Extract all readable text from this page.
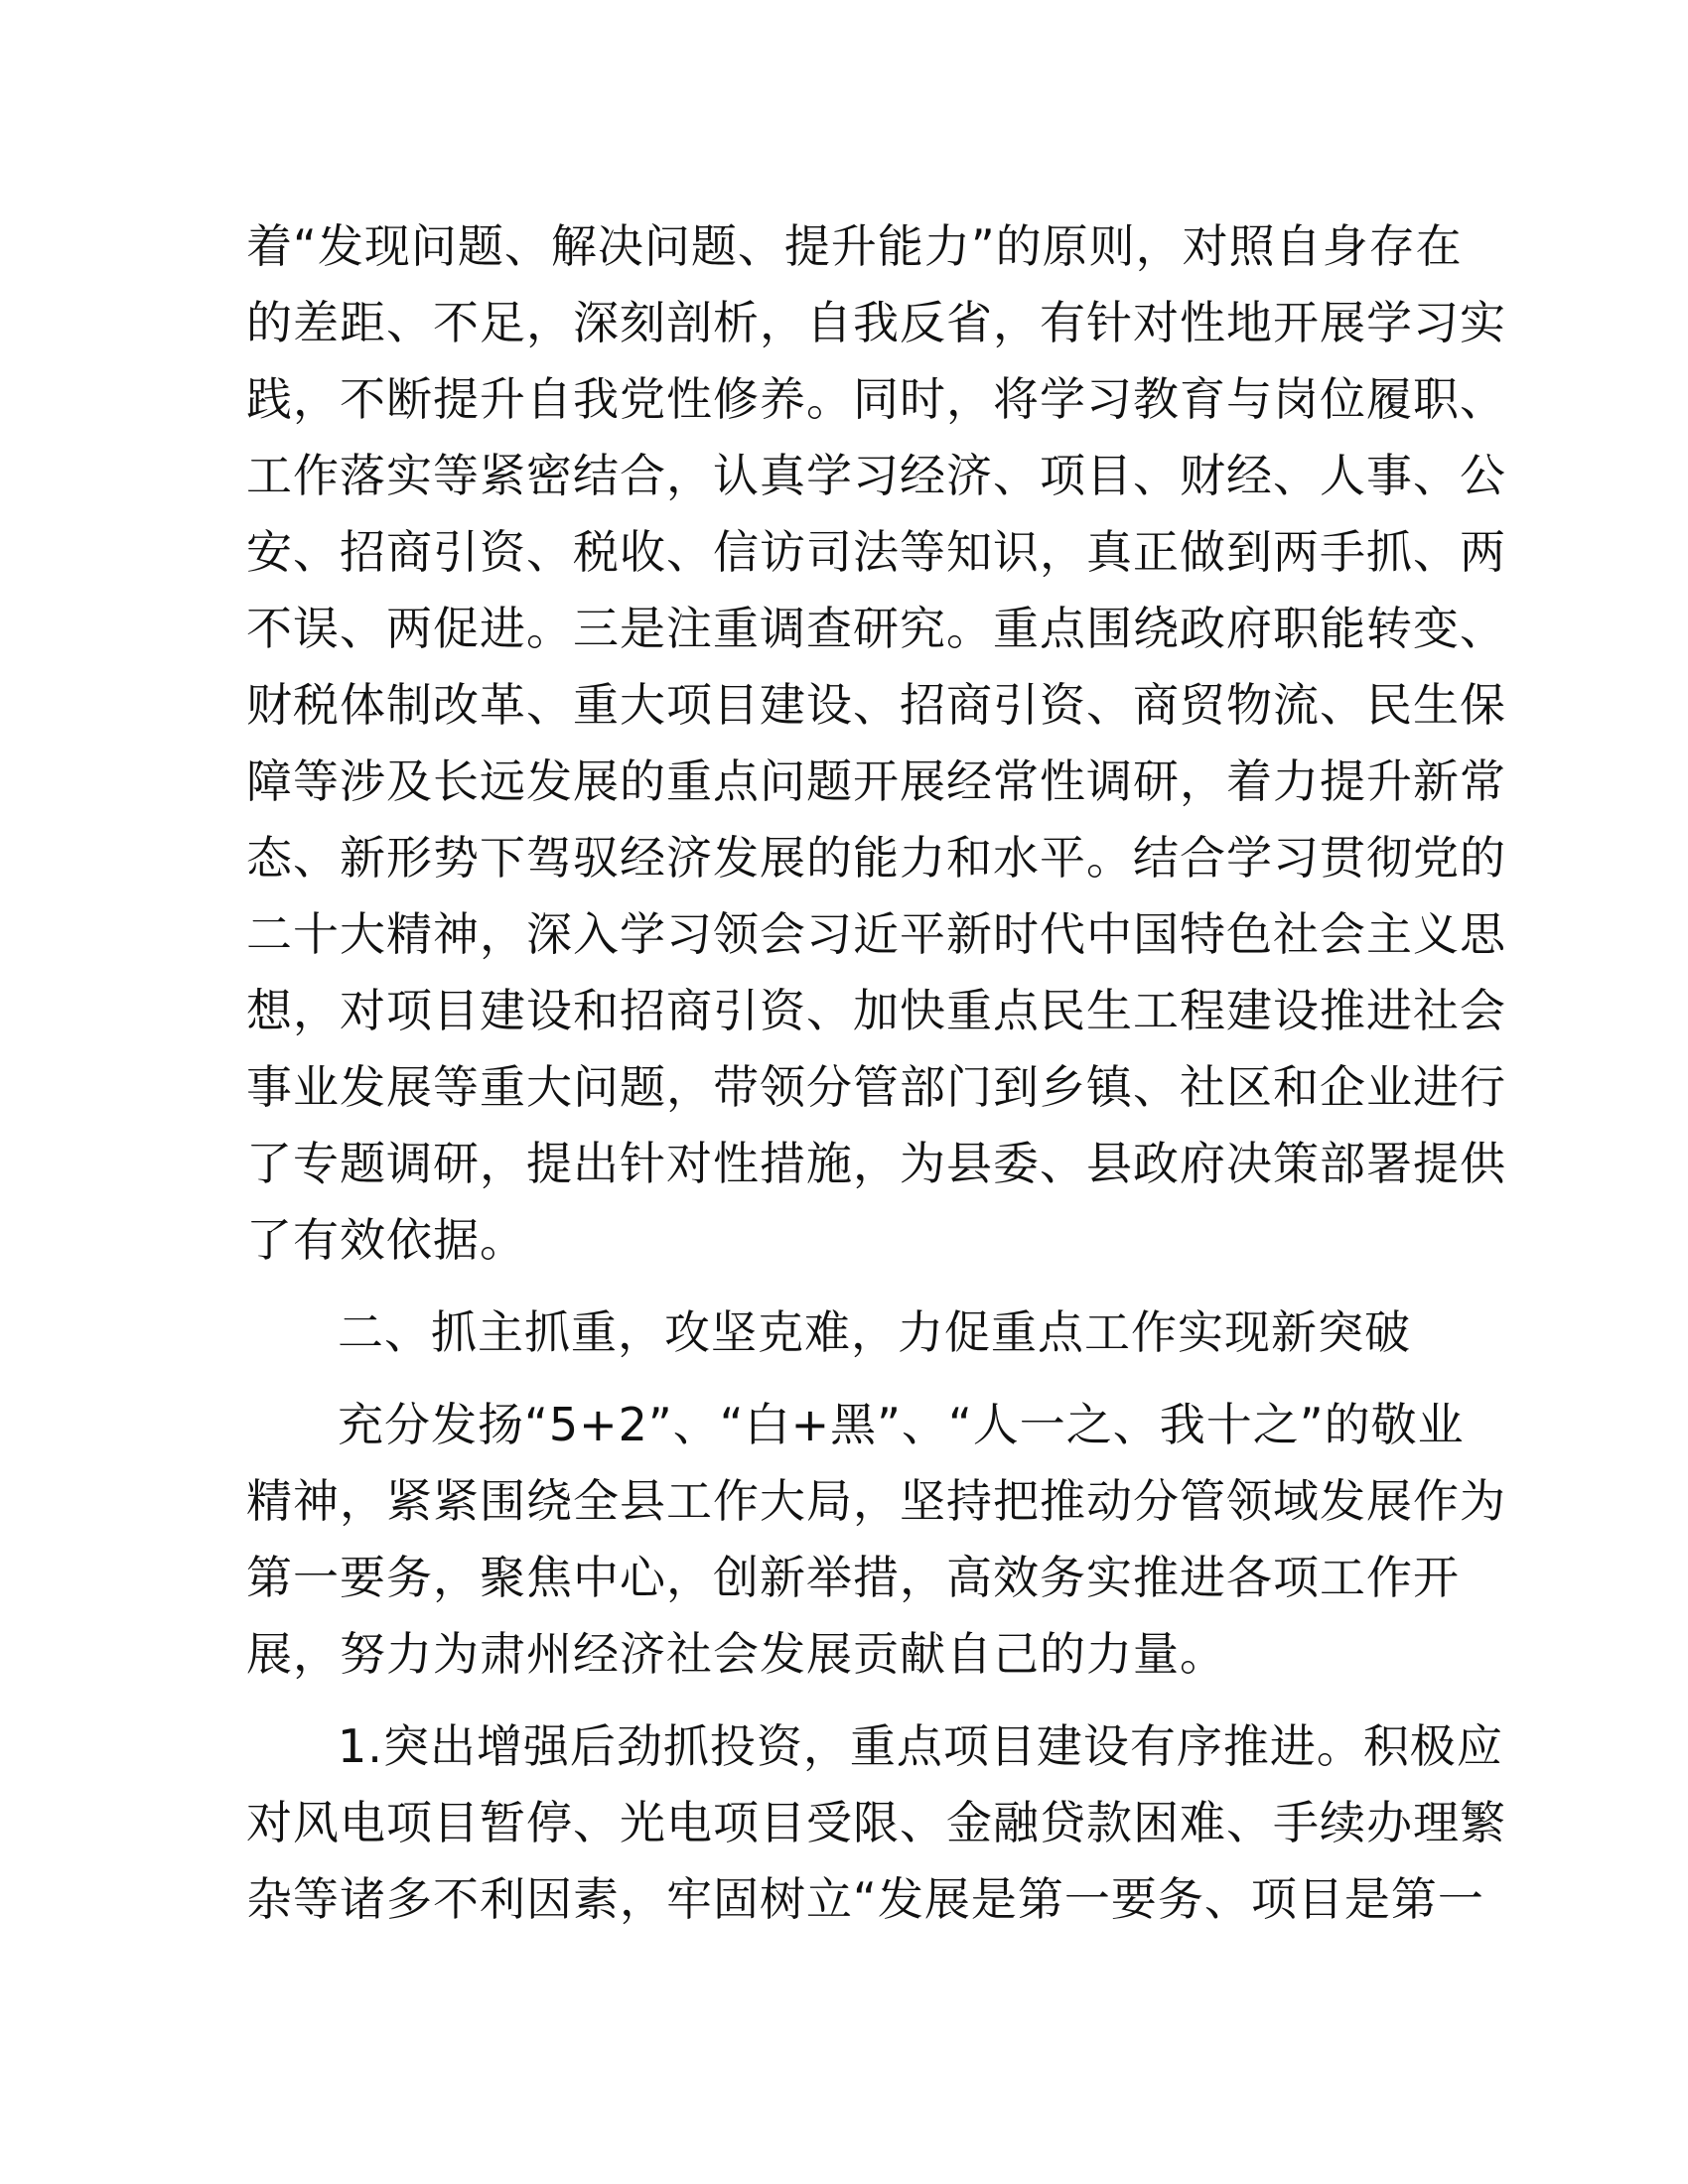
着“发现问题、解决问题、提升能力”的原则，对照自身存在
的差距、不足，深刻剖析，自我反省，有针对性地开展学习实
践，不断提升自我党性修养。同时，将学习教育与岗位履职、
工作落实等紧密结合，认真学习经济、项目、财经、人事、公
安、招商引资、税收、信访司法等知识，真正做到两手抓、两
不误、两促进。三是注重调查研究。重点围绕政府职能转变、
财税体制改革、重大项目建设、招商引资、商贸物流、民生保
障等涉及长远发展的重点问题开展经常性调研，着力提升新常
态、新形势下驾驭经济发展的能力和水平。结合学习贯彻党的
二十大精神，深入学习领会习近平新时代中国特色社会主义思
想，对项目建设和招商引资、加快重点民生工程建设推进社会
事业发展等重大问题，带领分管部门到乡镇、社区和企业进行
了专题调研，提出针对性措施，为县委、县政府决策部署提供
了有效依据。
二、抓主抓重，攻坚克难，力促重点工作实现新突破
充分发扬“5+2”、“白+黑”、“人一之、我十之”的敬业
精神，紧紧围绕全县工作大局，坚持把推动分管领域发展作为
第一要务，聚焦中心，创新举措，高效务实推进各项工作开
展，努力为肃州经济社会发展贡献自己的力量。
1.突出增强后劲抓投资，重点项目建设有序推进。积极应
对风电项目暂停、光电项目受限、金融贷款困难、手续办理繁
杂等诸多不利因素，牢固树立“发展是第一要务、项目是第一
